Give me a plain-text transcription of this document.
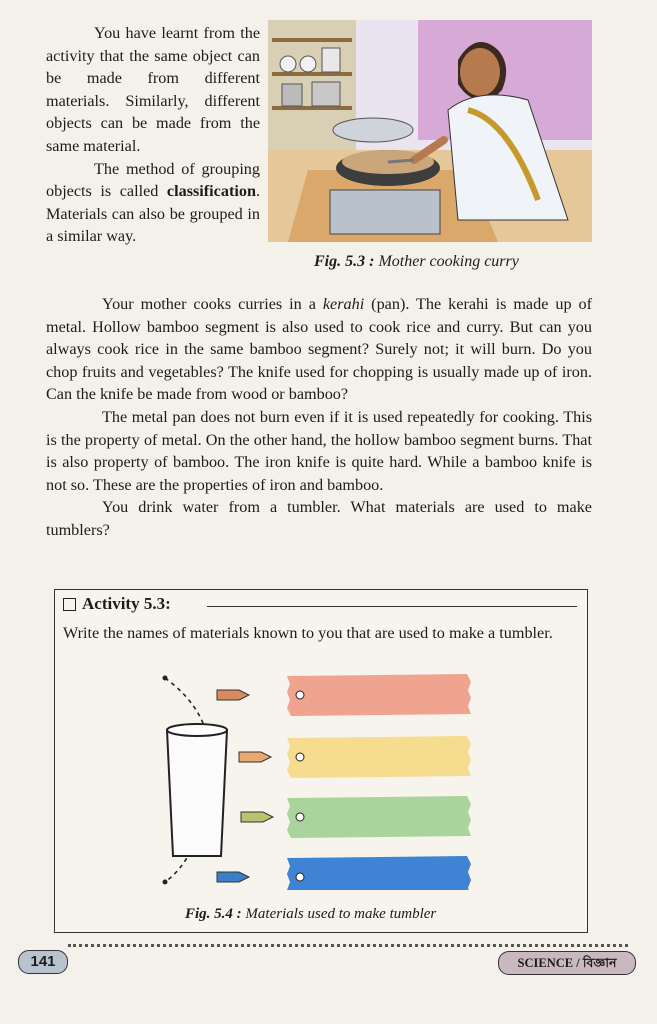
You have learnt from the activity that the same object can be made from different materials. Similarly, different objects can be made from the same material.

The method of grouping objects is called classification. Materials can also be grouped in a similar way.

Fig. 5.3 : Mother cooking curry

Your mother cooks curries in a kerahi (pan). The kerahi is made up of metal. Hollow bamboo segment is also used to cook rice and curry. But can you always cook rice in the same bamboo segment? Surely not; it will burn. Do you chop fruits and vegetables? The knife used for chopping is usually made up of iron. Can the knife be made from wood or bamboo?

The metal pan does not burn even if it is used repeatedly for cooking. This is the property of metal. On the other hand, the hollow bamboo segment burns. That is also property of bamboo. The iron knife is quite hard. While a bamboo knife is not so. These are the properties of iron and bamboo.

You drink water from a tumbler. What materials are used to make tumblers?

Activity 5.3:
Write the names of materials known to you that are used to make a tumbler.
Fig. 5.4 : Materials used to make tumbler
141	SCIENCE / বিজ্ঞান
